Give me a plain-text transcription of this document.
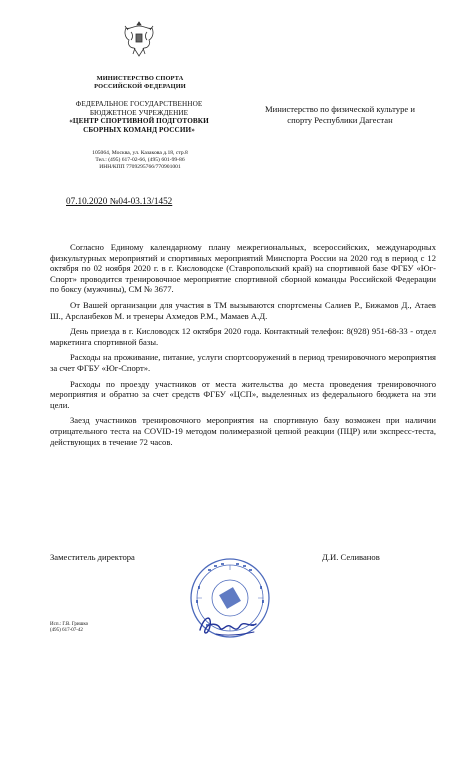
МИНИСТЕРСТВО СПОРТА
РОССИЙСКОЙ ФЕДЕРАЦИИ
ФЕДЕРАЛЬНОЕ ГОСУДАРСТВЕННОЕ
БЮДЖЕТНОЕ УЧРЕЖДЕНИЕ
«ЦЕНТР СПОРТИВНОЙ ПОДГОТОВКИ
СБОРНЫХ КОМАНД РОССИИ»
105064, Москва, ул. Казакова д.18, стр.8
Тел.: (495) 617-02-66, (495) 601-99-86
ИНН/КПП 7709295766/770901001
Министерство по физической культуре и
спорту Республики Дагестан
07.10.2020 №04-03.13/1452

Согласно Единому календарному плану межрегиональных, всероссийских, международных физкультурных мероприятий и спортивных мероприятий Минспорта России на 2020 год в период с 12 октября по 02 ноября 2020 г. в г. Кисловодске (Ставропольский край) на спортивной базе ФГБУ «Юг-Спорт» проводится тренировочное мероприятие спортивной сборной команды Российской Федерации по боксу (мужчины), СМ № 3677.

От Вашей организации для участия в ТМ вызываются спортсмены Салиев Р., Бижамов Д., Атаев Ш., Арсланбеков М. и тренеры Ахмедов Р.М., Мамаев А.Д.

День приезда в г. Кисловодск 12 октября 2020 года. Контактный телефон: 8(928) 951-68-33 - отдел маркетинга спортивной базы.

Расходы на проживание, питание, услуги спортсооружений в период тренировочного мероприятия за счет ФГБУ «Юг-Спорт».

Расходы по проезду участников от места жительства до места проведения тренировочного мероприятия и обратно за счет средств ФГБУ «ЦСП», выделенных из федерального бюджета на эти цели.

Заезд участников тренировочного мероприятия на спортивную базу возможен при наличии отрицательного теста на COVID-19 методом полимеразной цепной реакции (ПЦР) или экспресс-теста, действующих в течение 72 часов.

Заместитель директора	Д.И. Селиванов
Исп.: Г.В. Гришко
(495) 617-07-42
